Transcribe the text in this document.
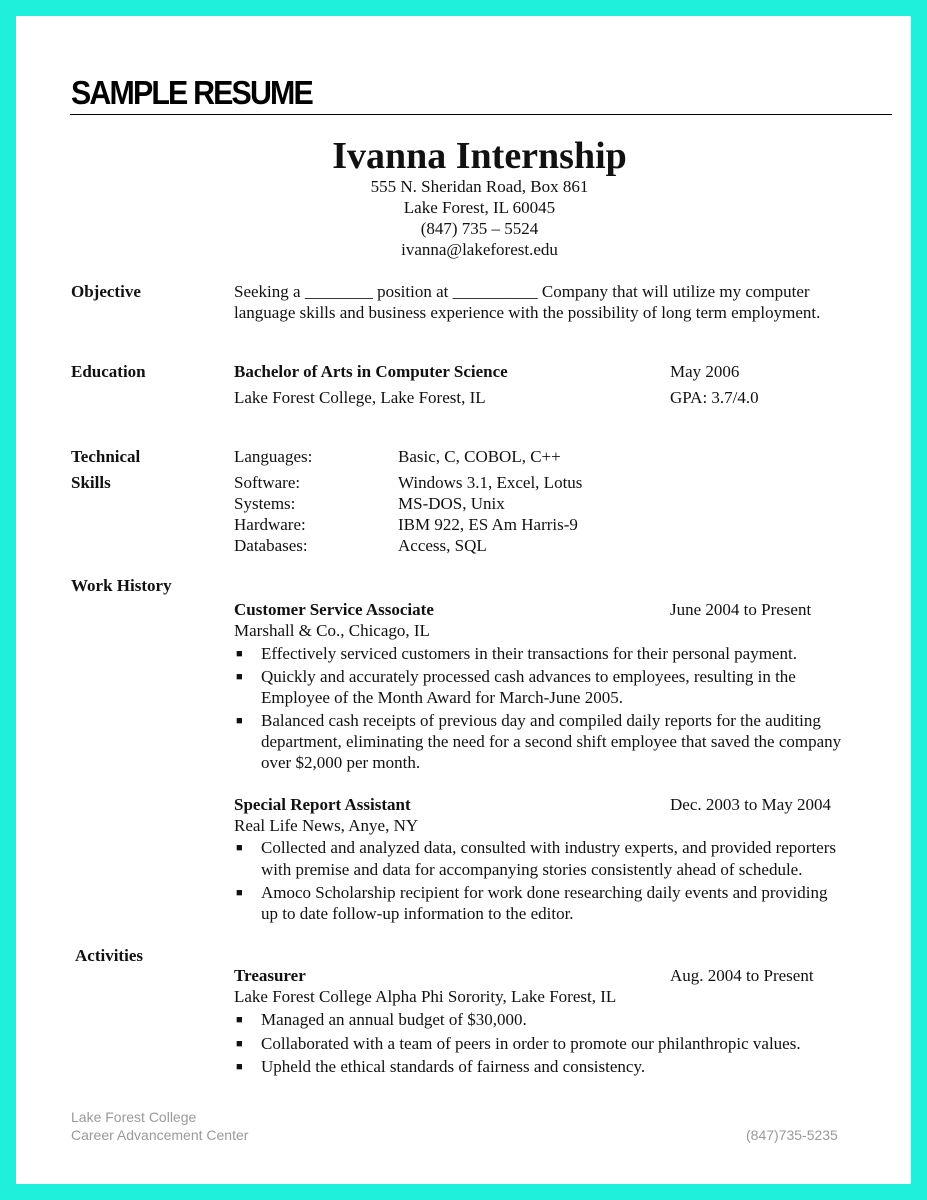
SAMPLE RESUME
Ivanna Internship
555 N. Sheridan Road, Box 861
Lake Forest, IL 60045
(847) 735 – 5524
ivanna@lakeforest.edu
Objective	Seeking a ________ position at __________ Company that will utilize my computer
language skills and business experience with the possibility of long term employment.
Education	Bachelor of Arts in Computer Science	May 2006
Lake Forest College, Lake Forest, IL	GPA: 3.7/4.0
Technical
Skills
Languages:	Basic, C, COBOL, C++
Software:	Windows 3.1, Excel, Lotus
Systems:	MS-DOS, Unix
Hardware:	IBM 922, ES Am Harris-9
Databases:	Access, SQL
Work History
Customer Service Associate	June 2004 to Present
Marshall & Co., Chicago, IL
■ Effectively serviced customers in their transactions for their personal payment.
■ Quickly and accurately processed cash advances to employees, resulting in the
Employee of the Month Award for March-June 2005.
■ Balanced cash receipts of previous day and compiled daily reports for the auditing
department, eliminating the need for a second shift employee that saved the company
over $2,000 per month.
Special Report Assistant	Dec. 2003 to May 2004
Real Life News, Anye, NY
■ Collected and analyzed data, consulted with industry experts, and provided reporters
with premise and data for accompanying stories consistently ahead of schedule.
■ Amoco Scholarship recipient for work done researching daily events and providing
up to date follow-up information to the editor.
Activities
Treasurer	Aug. 2004 to Present
Lake Forest College Alpha Phi Sorority, Lake Forest, IL
■ Managed an annual budget of $30,000.
■ Collaborated with a team of peers in order to promote our philanthropic values.
■ Upheld the ethical standards of fairness and consistency.
Lake Forest College
Career Advancement Center	(847)735-5235
